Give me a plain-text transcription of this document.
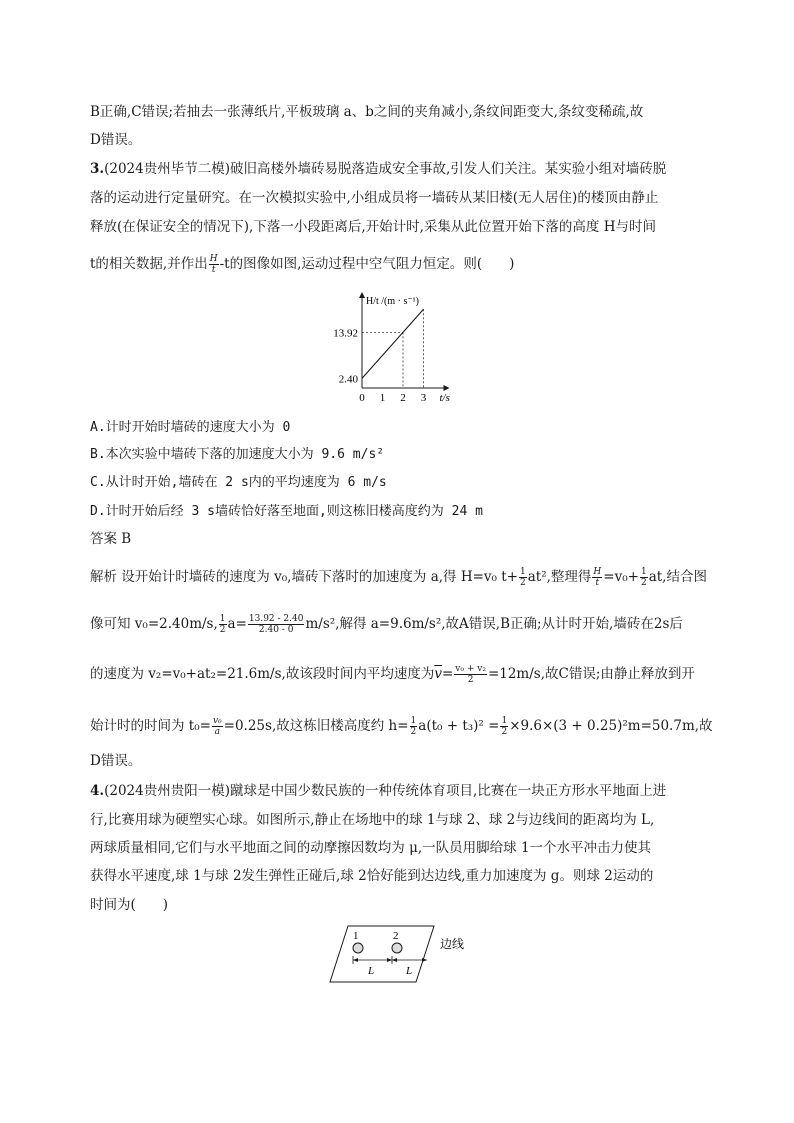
B正确,C错误;若抽去一张薄纸片,平板玻璃 a、b之间的夹角减小,条纹间距变大,条纹变稀疏,故
D错误。
3.(2024贵州毕节二模)破旧高楼外墙砖易脱落造成安全事故,引发人们关注。某实验小组对墙砖脱
落的运动进行定量研究。在一次模拟实验中,小组成员将一墙砖从某旧楼(无人居住)的楼顶由静止
释放(在保证安全的情况下),下落一小段距离后,开始计时,采集从此位置开始下落的高度 H与时间
t的相关数据,并作出 $\frac{H}{t} -t$的图像如图,运动过程中空气阻力恒定。则(　　)
2.40
13.92
0 1 2 3 t/s
H/t /(m · s⁻¹)
A.计时开始时墙砖的速度大小为 0
B.本次实验中墙砖下落的加速度大小为 9.6 m/s²
C.从计时开始,墙砖在 2 s内的平均速度为 6 m/s
D.计时开始后经 3 s墙砖恰好落至地面,则这栋旧楼高度约为 24 m
答案 B
解析 设开始计时墙砖的速度为 v₀,墙砖下落时的加速度为 a,得 H=v₀ $t+ \frac{1}{2} at^2$,整理得 $\frac{H}{t} =v_0+ \frac{1}{2}$ at,结合图
像可知 v₀=2.40m/s, $\frac{1}{2} a= \frac{13.92 - 2.40}{2.40 - 0} m/s^2$,解得 a=9.6m/s²,故A错误,B正确;从计时开始,墙砖在2s后
的速度为 v₂=v₀+at₂=21.6m/s,故该段时间内平均速度为$\overline{v}= \frac{\text{v₀ + v₂}}{2} =12m/s$,故C错误;由静止释放到开
始计时的时间为 $t_0= \frac{\text{v₀}}{a} =0.25s$,故这栋旧楼高度约 $h= \frac{1}{2} a(t_0 + t_3)^2 = \frac{1}{2} \times 9.6\times(3 + 0.25)^2m=50.7m$,故
D错误。
4.(2024贵州贵阳一模)蹴球是中国少数民族的一种传统体育项目,比赛在一块正方形水平地面上进
行,比赛用球为硬塑实心球。如图所示,静止在场地中的球 1与球 2、球 2与边线间的距离均为 L,
两球质量相同,它们与水平地面之间的动摩擦因数均为 μ,一队员用脚给球 1一个水平冲击力使其
获得水平速度,球 1与球 2发生弹性正碰后,球 2恰好能到达边线,重力加速度为 g。则球 2运动的
时间为(　　)
1	2
L	L
边线
